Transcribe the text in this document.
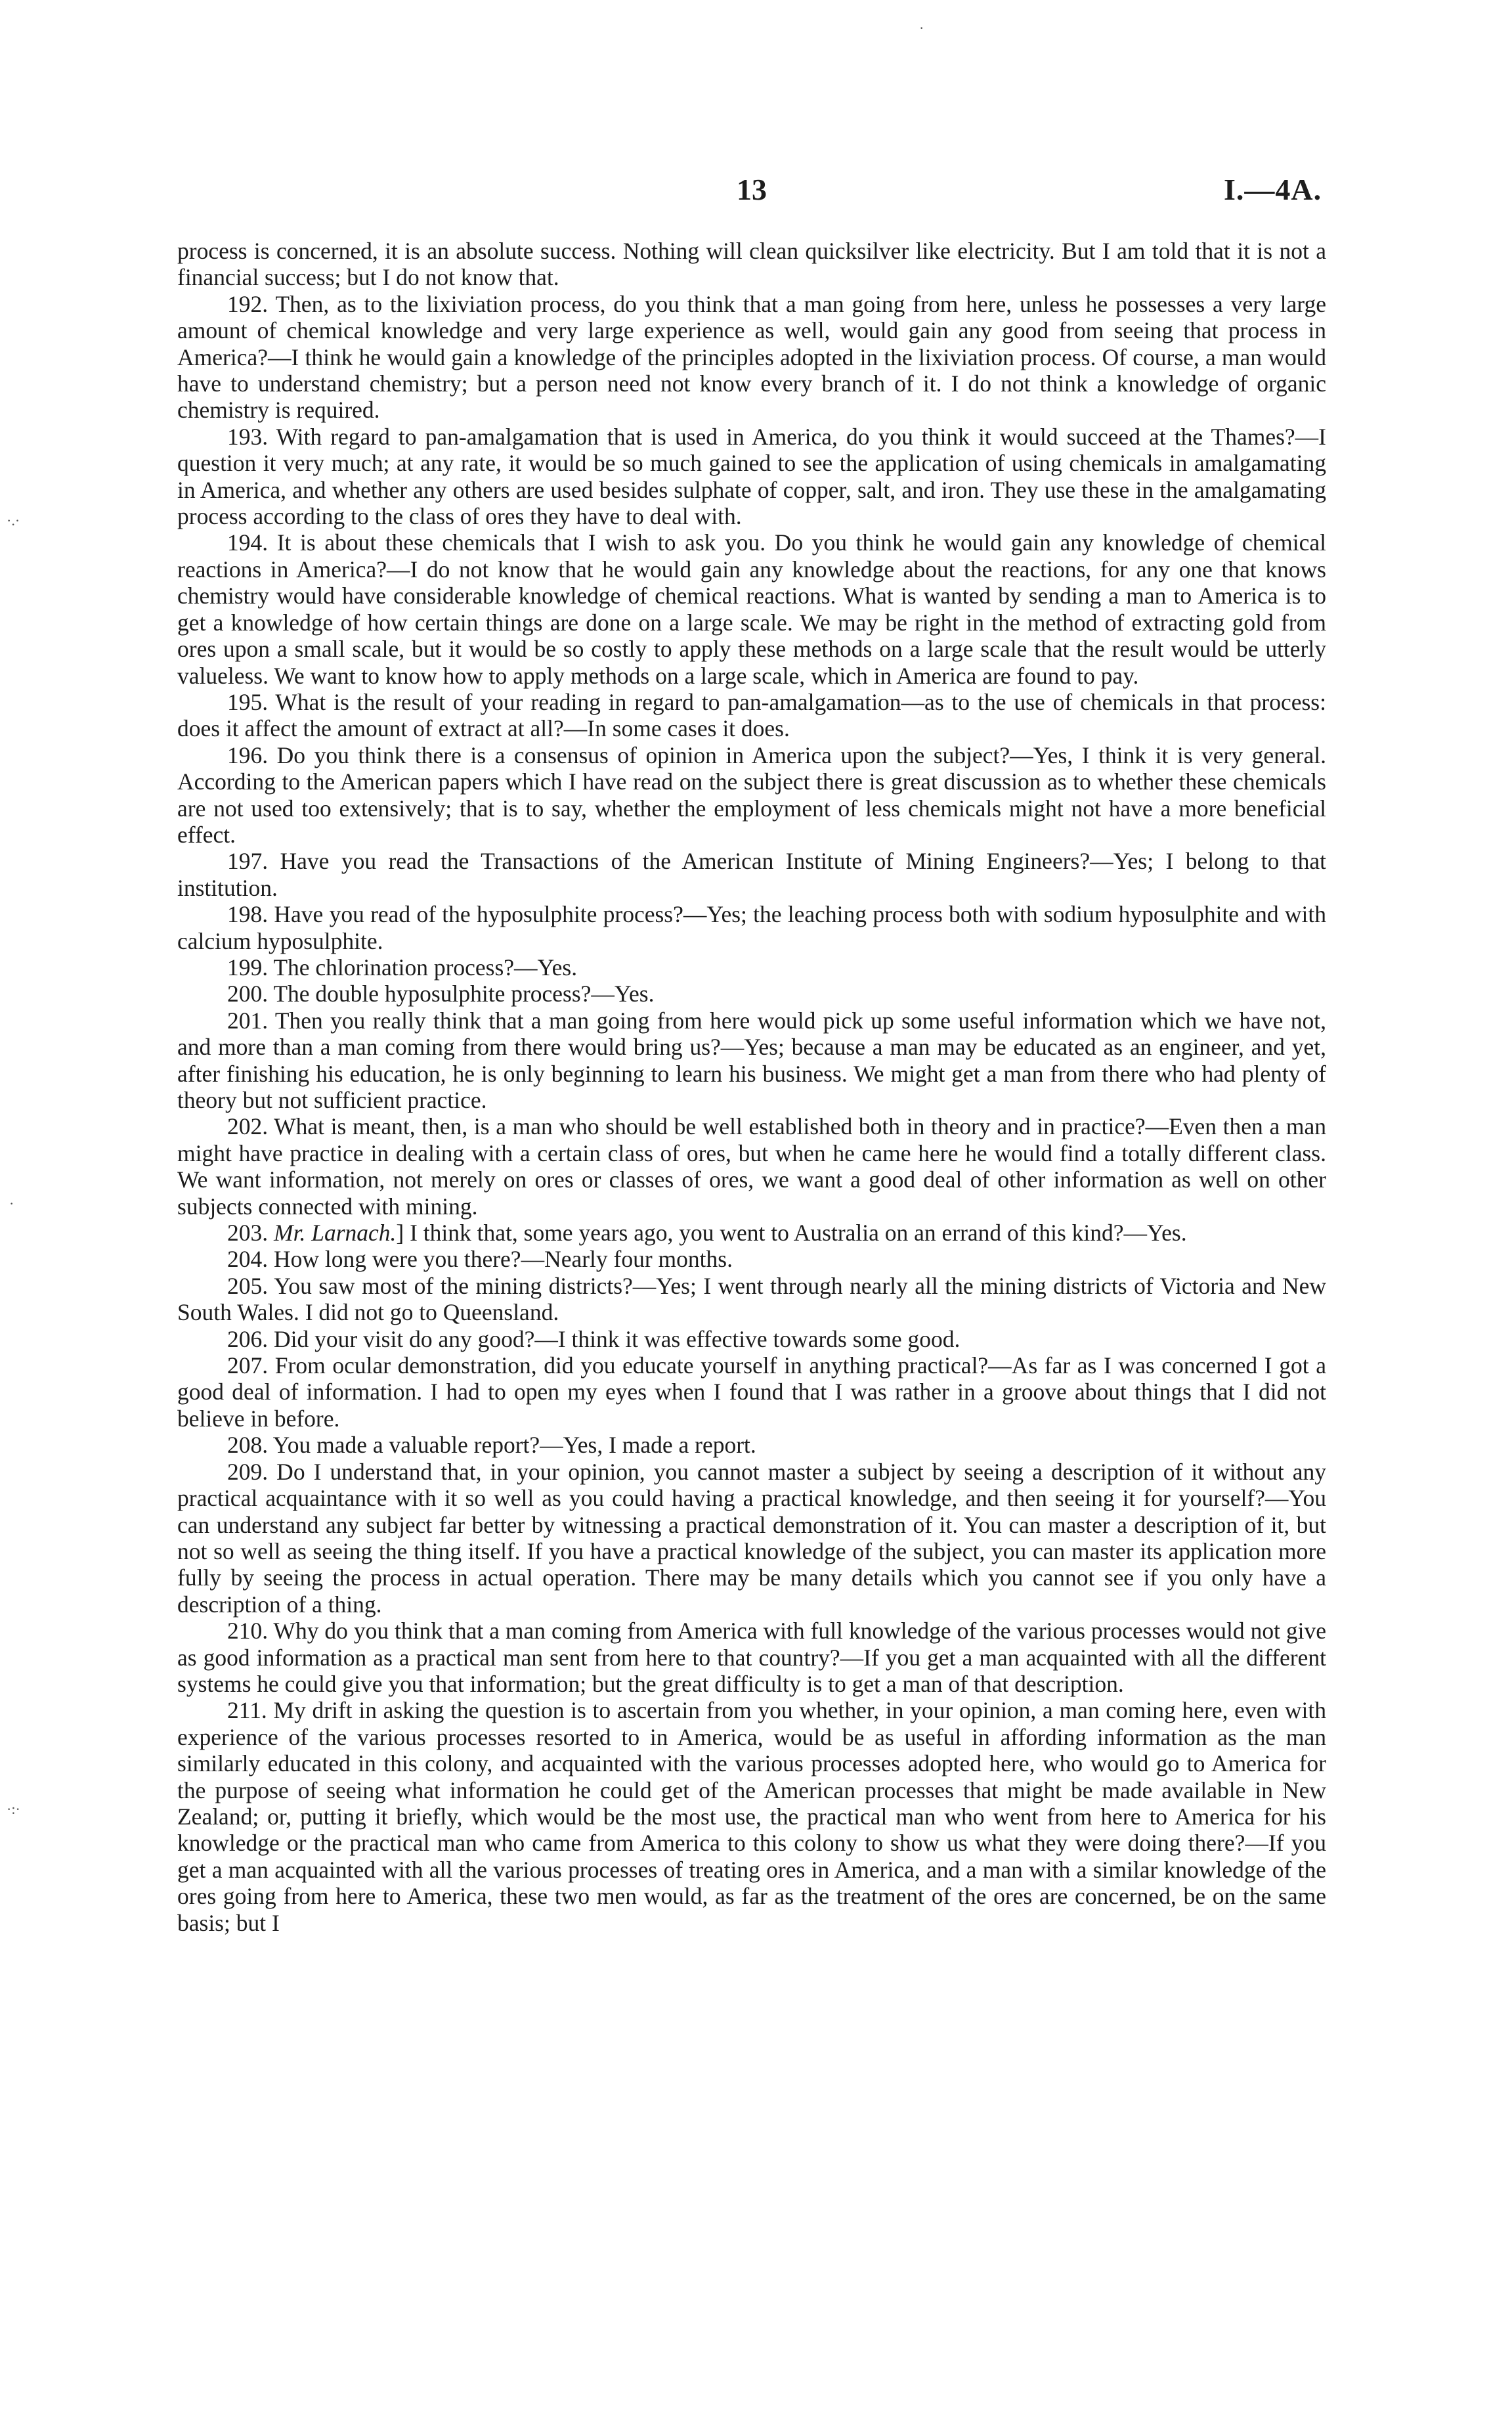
13	I.—4A.
·.·
·
·:·
·

process is concerned, it is an absolute success. Nothing will clean quicksilver like electricity. But I am told that it is not a financial success; but I do not know that.

192. Then, as to the lixiviation process, do you think that a man going from here, unless he possesses a very large amount of chemical knowledge and very large experience as well, would gain any good from seeing that process in America?—I think he would gain a knowledge of the principles adopted in the lixiviation process. Of course, a man would have to understand chemistry; but a person need not know every branch of it. I do not think a knowledge of organic chemistry is required.

193. With regard to pan-amalgamation that is used in America, do you think it would succeed at the Thames?—I question it very much; at any rate, it would be so much gained to see the application of using chemicals in amalgamating in America, and whether any others are used besides sulphate of copper, salt, and iron. They use these in the amalgamating process according to the class of ores they have to deal with.

194. It is about these chemicals that I wish to ask you. Do you think he would gain any knowledge of chemical reactions in America?—I do not know that he would gain any knowledge about the reactions, for any one that knows chemistry would have considerable knowledge of chemical reactions. What is wanted by sending a man to America is to get a knowledge of how certain things are done on a large scale. We may be right in the method of extracting gold from ores upon a small scale, but it would be so costly to apply these methods on a large scale that the result would be utterly valueless. We want to know how to apply methods on a large scale, which in America are found to pay.

195. What is the result of your reading in regard to pan-amalgamation—as to the use of chemicals in that process: does it affect the amount of extract at all?—In some cases it does.

196. Do you think there is a consensus of opinion in America upon the subject?—Yes, I think it is very general. According to the American papers which I have read on the subject there is great discussion as to whether these chemicals are not used too extensively; that is to say, whether the employment of less chemicals might not have a more beneficial effect.

197. Have you read the Transactions of the American Institute of Mining Engineers?—Yes; I belong to that institution.

198. Have you read of the hyposulphite process?—Yes; the leaching process both with sodium hyposulphite and with calcium hyposulphite.

199. The chlorination process?—Yes.

200. The double hyposulphite process?—Yes.

201. Then you really think that a man going from here would pick up some useful information which we have not, and more than a man coming from there would bring us?—Yes; because a man may be educated as an engineer, and yet, after finishing his education, he is only beginning to learn his business. We might get a man from there who had plenty of theory but not sufficient practice.

202. What is meant, then, is a man who should be well established both in theory and in practice?—Even then a man might have practice in dealing with a certain class of ores, but when he came here he would find a totally different class. We want information, not merely on ores or classes of ores, we want a good deal of other information as well on other subjects connected with mining.

203. Mr. Larnach.] I think that, some years ago, you went to Australia on an errand of this kind?—Yes.

204. How long were you there?—Nearly four months.

205. You saw most of the mining districts?—Yes; I went through nearly all the mining districts of Victoria and New South Wales. I did not go to Queensland.

206. Did your visit do any good?—I think it was effective towards some good.

207. From ocular demonstration, did you educate yourself in anything practical?—As far as I was concerned I got a good deal of information. I had to open my eyes when I found that I was rather in a groove about things that I did not believe in before.

208. You made a valuable report?—Yes, I made a report.

209. Do I understand that, in your opinion, you cannot master a subject by seeing a description of it without any practical acquaintance with it so well as you could having a practical knowledge, and then seeing it for yourself?—You can understand any subject far better by witnessing a practical demonstration of it. You can master a description of it, but not so well as seeing the thing itself. If you have a practical knowledge of the subject, you can master its application more fully by seeing the process in actual operation. There may be many details which you cannot see if you only have a description of a thing.

210. Why do you think that a man coming from America with full knowledge of the various processes would not give as good information as a practical man sent from here to that country?—If you get a man acquainted with all the different systems he could give you that information; but the great difficulty is to get a man of that description.

211. My drift in asking the question is to ascertain from you whether, in your opinion, a man coming here, even with experience of the various processes resorted to in America, would be as useful in affording information as the man similarly educated in this colony, and acquainted with the various processes adopted here, who would go to America for the purpose of seeing what information he could get of the American processes that might be made available in New Zealand; or, putting it briefly, which would be the most use, the practical man who went from here to America for his knowledge or the practical man who came from America to this colony to show us what they were doing there?—If you get a man acquainted with all the various processes of treating ores in America, and a man with a similar knowledge of the ores going from here to America, these two men would, as far as the treatment of the ores are concerned, be on the same basis; but I
